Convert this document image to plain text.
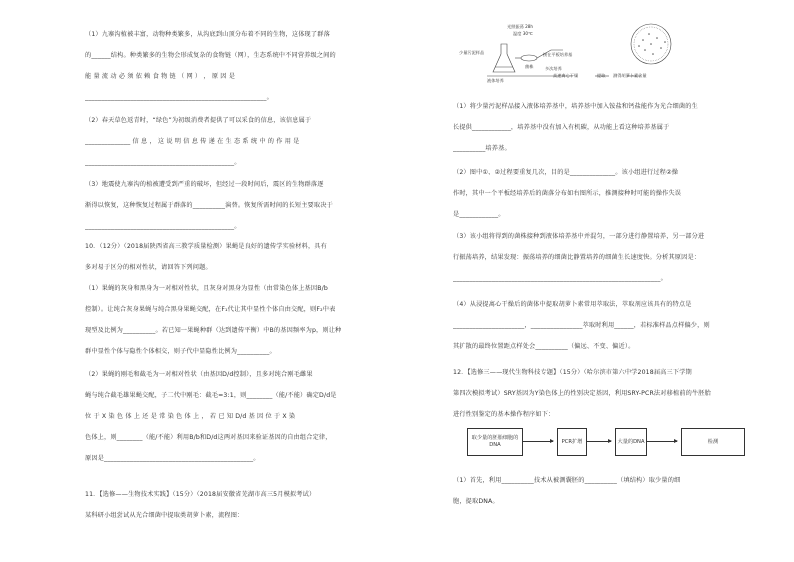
（1）九寨沟植被丰富，动物种类繁多，从沟底到山顶分布着不同的生物，这体现了群落
的______结构。种类繁多的生物会形成复杂的食物链（网），生态系统中不同营养级之间的
能 量 流 动 必 须 依 赖 食 物 链 （ 网 ） ， 原 因 是
________________________________________________________。
（2）春天草色返青时，“绿色”为初级消费者提供了可以采食的信息，该信息属于
______________ 信 息 ， 这 说 明 信 息 传 递 在 生 态 系 统 中 的 作 用 是
______________________________________________。
（3）地震使九寨沟的植被遭受到严重的破坏，但经过一段时间后，震区的生物群落逐
渐得以恢复，这种恢复过程属于群落的__________演替。恢复所需时间的长短主要取决于
______________________________________________。
10．（12分）（2018届陕西省高三教学质量检测）果蝇是良好的遗传学实验材料，具有
多对易于区分的相对性状，请回答下列问题。
（1）果蝇的灰身和黑身为一对相对性状，且灰身对黑身为显性（由常染色体上基因B/b
控制）。让纯合灰身果蝇与纯合黑身果蝇交配，在F₁代让其中显性个体自由交配，则F₂中表
现型及比例为__________。若已知一果蝇种群（达到遗传平衡）中B的基因频率为p，则让种
群中显性个体与隐性个体相交，则子代中显隐性比例为__________。
（2）果蝇的刚毛和截毛为一对相对性状（由基因D/d控制），且多对纯合刚毛雌果
蝇与纯合截毛雄果蝇交配，子二代中刚毛：截毛=3:1，则________（能/不能）确定D/d是
位 于 X 染 色 体 上 还 是 常 染 色 体 上 ， 若 已 知 D/d 基 因 位 于 X 染
色体上，则________（能/不能）利用B/b和D/d这两对基因来验证基因的自由组合定律，
原因是______________________________________________。
11．【选修——生物技术实践】（15分）（2018届安徽省芜湖市高三5月模拟考试）
某科研小组尝试从光合细菌中提取类胡萝卜素，流程图：
光照振荡 28h
温度 30℃
少量污泥样品
液体培养
多次培养
菌株
接在平板培养基
高速离心干燥	提取 测得胡萝卜素含量
（1）将少量污泥样品接入液体培养基中，培养基中加入铵盐和钙盐能作为光合细菌的生
长提供____________，培养基中没有加入有机碳，从功能上看这种培养基属于
__________培养基。
（2）图中①、②过程要重复几次，目的是______________。该小组进行过程②操
作时，其中一个平板经培养后的菌落分布如右图所示，推测接种时可能的操作失误
是____________。
（3）该小组将得到的菌株接种到液体培养基中并混匀，一部分进行静置培养，另一部分进
行振荡培养，结果发现：振荡培养的细菌比静置培养的细菌生长速度快。分析其原因是：
________________________________________________________________。
（4）从浸提离心干燥后的菌体中提取胡萝卜素常用萃取法，萃取剂应该具有的特点是
______________________，________________萃取时利用______，若标准样品点样偏少，则
其扩散的最终位置距点样处会__________（偏远、不变、偏近）。
12．【选修三——现代生物科技专题】（15分）（哈尔滨市第六中学2018届高三下学期
第四次模拟考试）SRY基因为Y染色体上的性别决定基因，利用SRY-PCR法对移植前的牛胚胎
进行性别鉴定的基本操作程序如下：
取少量的胚胎细胞的DNA
PCR扩增	大量的DNA	检测
（1）首先，利用__________技术从被测囊胚的__________（填结构）取少量的细
胞，提取DNA。
